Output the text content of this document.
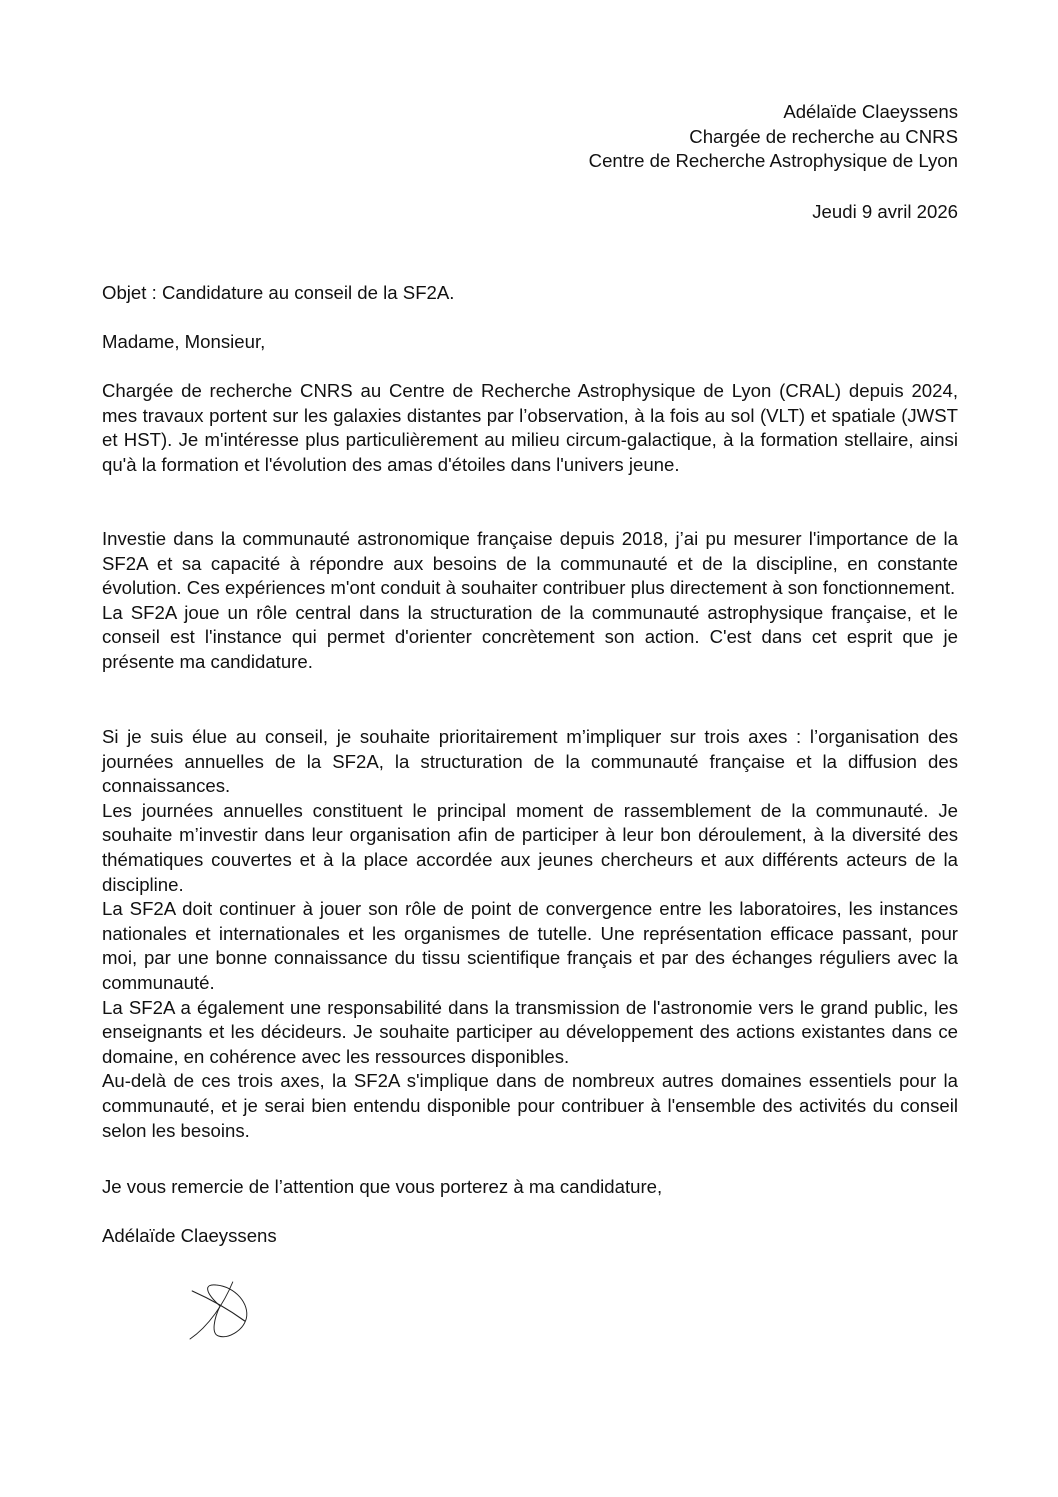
Adélaïde Claeyssens
Chargée de recherche au CNRS
Centre de Recherche Astrophysique de Lyon
Jeudi 9 avril 2026
Objet : Candidature au conseil de la SF2A.
Madame, Monsieur,

Chargée de recherche CNRS au Centre de Recherche Astrophysique de Lyon (CRAL) depuis 2024, mes travaux portent sur les galaxies distantes par l’observation, à la fois au sol (VLT) et spatiale (JWST et HST). Je m'intéresse plus particulièrement au milieu circum-galactique, à la formation stellaire, ainsi qu'à la formation et l'évolution des amas d'étoiles dans l'univers jeune.

Investie dans la communauté astronomique française depuis 2018, j’ai pu mesurer l'importance de la SF2A et sa capacité à répondre aux besoins de la communauté et de la discipline, en constante évolution. Ces expériences m'ont conduit à souhaiter contribuer plus directement à son fonctionnement.

La SF2A joue un rôle central dans la structuration de la communauté astrophysique française, et le conseil est l'instance qui permet d'orienter concrètement son action. C'est dans cet esprit que je présente ma candidature.

Si je suis élue au conseil, je souhaite prioritairement m’impliquer sur trois axes : l’organisation des journées annuelles de la SF2A, la structuration de la communauté française et la diffusion des connaissances.

Les journées annuelles constituent le principal moment de rassemblement de la communauté. Je souhaite m’investir dans leur organisation afin de participer à leur bon déroulement, à la diversité des thématiques couvertes et à la place accordée aux jeunes chercheurs et aux différents acteurs de la discipline.

La SF2A doit continuer à jouer son rôle de point de convergence entre les laboratoires, les instances nationales et internationales et les organismes de tutelle. Une représentation efficace passant, pour moi, par une bonne connaissance du tissu scientifique français et par des échanges réguliers avec la communauté.

La SF2A a également une responsabilité dans la transmission de l'astronomie vers le grand public, les enseignants et les décideurs. Je souhaite participer au développement des actions existantes dans ce domaine, en cohérence avec les ressources disponibles.

Au-delà de ces trois axes, la SF2A s'implique dans de nombreux autres domaines essentiels pour la communauté, et je serai bien entendu disponible pour contribuer à l'ensemble des activités du conseil selon les besoins.

Je vous remercie de l’attention que vous porterez à ma candidature,
Adélaïde Claeyssens
